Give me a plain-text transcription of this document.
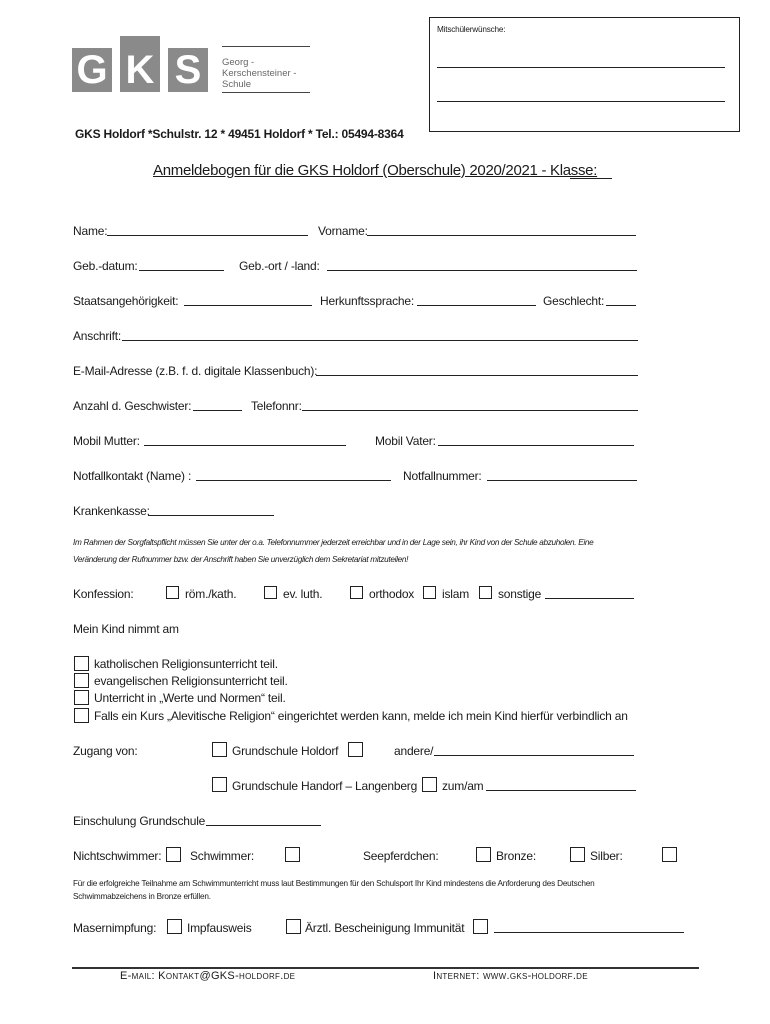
G K S	Georg -
Kerschensteiner -
Schule
Mitschülerwünsche:
GKS Holdorf *Schulstr. 12 * 49451 Holdorf * Tel.: 05494-8364
Anmeldebogen für die GKS Holdorf (Oberschule) 2020/2021 - Klasse:
Name:	Vorname:
Geb.-datum:	Geb.-ort / -land:
Staatsangehörigkeit:	Herkunftssprache:	Geschlecht:
Anschrift:
E-Mail-Adresse (z.B. f. d. digitale Klassenbuch):
Anzahl d. Geschwister:	Telefonnr:
Mobil Mutter:	Mobil Vater:
Notfallkontakt (Name) :	Notfallnummer:
Krankenkasse:
Im Rahmen der Sorgfaltspflicht müssen Sie unter der o.a. Telefonnummer jederzeit erreichbar und in der Lage sein, ihr Kind von der Schule abzuholen. Eine
Veränderung der Rufnummer bzw. der Anschrift haben Sie unverzüglich dem Sekretariat mitzuteilen!
Konfession:	röm./kath.	ev. luth.	orthodox islam sonstige
Mein Kind nimmt am
katholischen Religionsunterricht teil.
evangelischen Religionsunterricht teil.
Unterricht in „Werte und Normen“ teil.
Falls ein Kurs „Alevitische Religion“ eingerichtet werden kann, melde ich mein Kind hierfür verbindlich an
Zugang von:	Grundschule Holdorf	andere/
Grundschule Handorf – Langenberg zum/am
Einschulung Grundschule
Nichtschwimmer: Schwimmer:	Seepferdchen:	Bronze:	Silber:
Für die erfolgreiche Teilnahme am Schwimmunterricht muss laut Bestimmungen für den Schulsport Ihr Kind mindestens die Anforderung des Deutschen
Schwimmabzeichens in Bronze erfüllen.
Masernimpfung:	Impfausweis	Ärztl. Bescheinigung Immunität
E-mail: Kontakt@GKS-holdorf.de	Internet: www.gks-holdorf.de
